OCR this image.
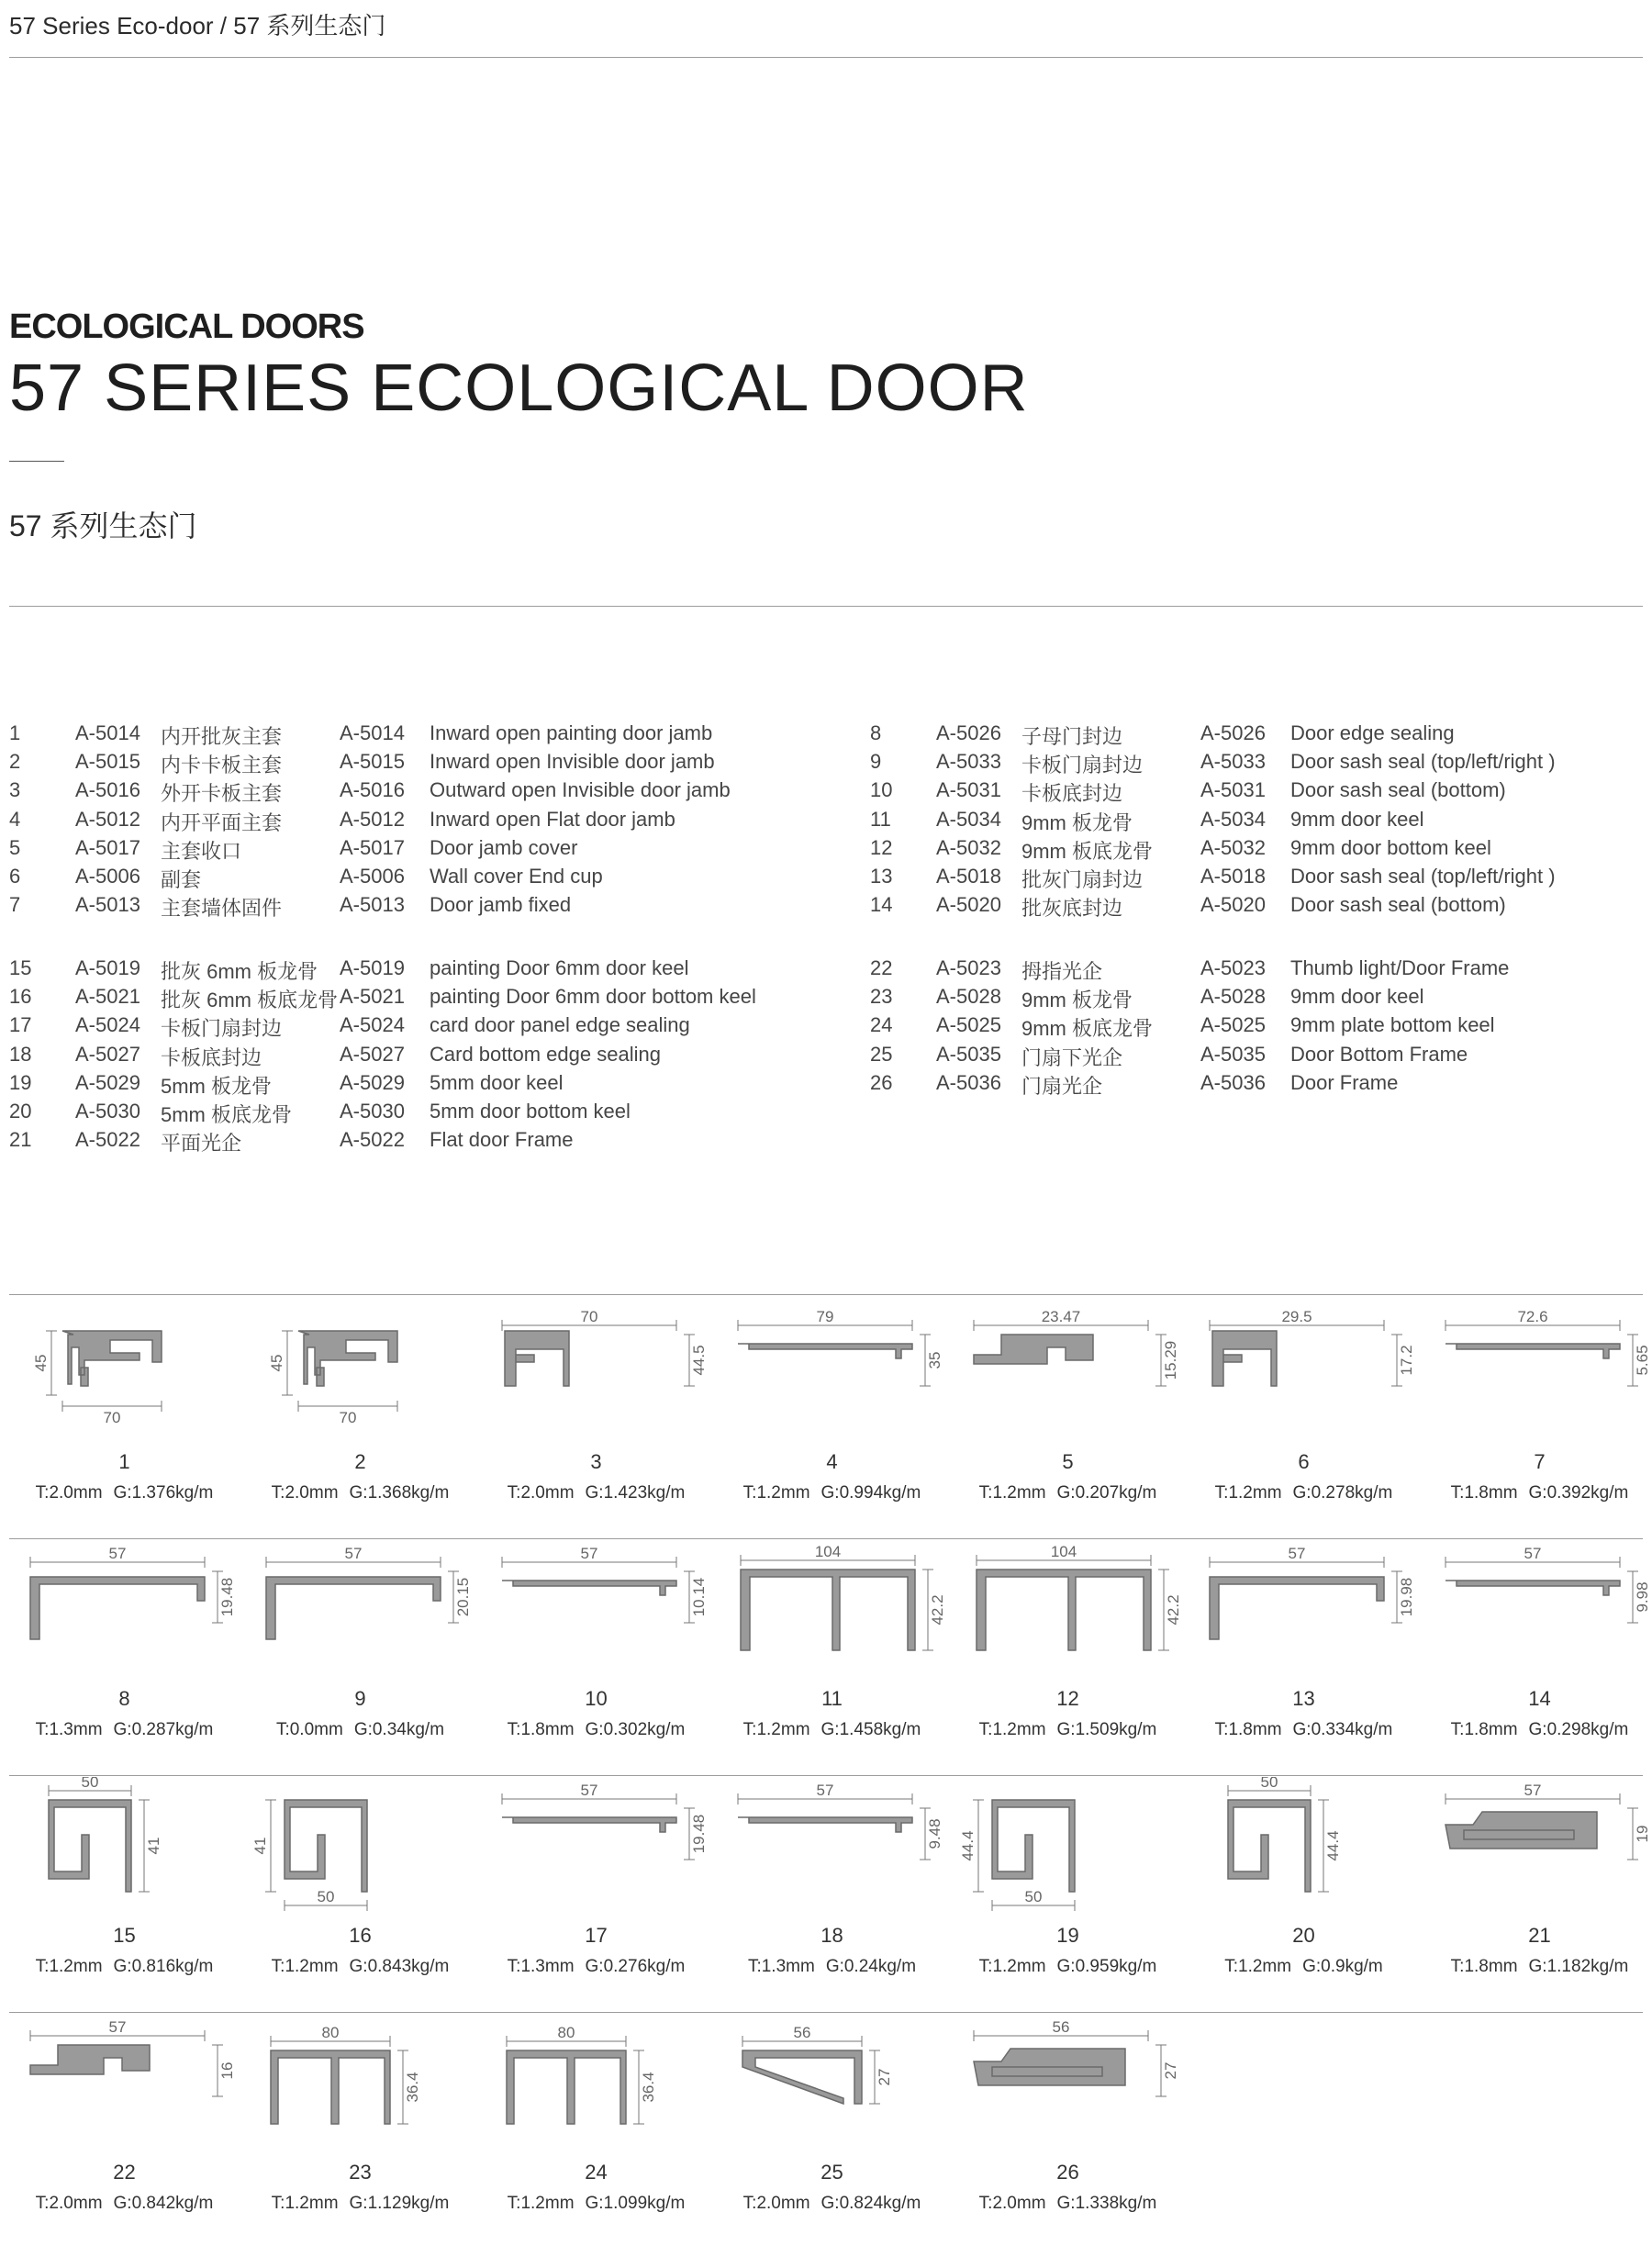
57 Series Eco-door / 57 系列生态门
ECOLOGICAL DOORS
57 SERIES ECOLOGICAL DOOR
57 系列生态门
1	A-5014 内开批灰主套	A-5014 Inward open painting door jamb
2	A-5015 内卡卡板主套	A-5015 Inward open Invisible door jamb
3	A-5016 外开卡板主套	A-5016 Outward open Invisible door jamb
4	A-5012 内开平面主套	A-5012 Inward open Flat door jamb
5	A-5017 主套收口	A-5017 Door jamb cover
6	A-5006 副套	A-5006 Wall cover End cup
7	A-5013 主套墙体固件	A-5013 Door jamb fixed
8	A-5026 子母门封边	A-5026 Door edge sealing
9	A-5033 卡板门扇封边	A-5033 Door sash seal (top/left/right )
10 A-5031 卡板底封边	A-5031 Door sash seal (bottom)
11 A-5034 9mm 板龙骨	A-5034 9mm door keel
12 A-5032 9mm 板底龙骨 A-5032 9mm door bottom keel
13 A-5018 批灰门扇封边	A-5018 Door sash seal (top/left/right )
14 A-5020 批灰底封边	A-5020 Door sash seal (bottom)
15 A-5019 批灰 6mm 板龙骨 A-5019 painting Door 6mm door keel
16 A-5021 批灰 6mm 板底龙骨 A-5021 painting Door 6mm door bottom keel
17 A-5024 卡板门扇封边	A-5024 card door panel edge sealing
18 A-5027 卡板底封边	A-5027 Card bottom edge sealing
19 A-5029 5mm 板龙骨	A-5029 5mm door keel
20 A-5030 5mm 板底龙骨 A-5030 5mm door bottom keel
21 A-5022 平面光企	A-5022 Flat door Frame
22 A-5023 拇指光企	A-5023 Thumb light/Door Frame
23 A-5028 9mm 板龙骨	A-5028 9mm door keel
24 A-5025 9mm 板底龙骨 A-5025 9mm plate bottom keel
25 A-5035 门扇下光企	A-5035 Door Bottom Frame
26 A-5036 门扇光企	A-5036 Door Frame
45
70
1
T:2.0mm G:1.376kg/m
45
70
2
T:2.0mm G:1.368kg/m
70
44.5
3
T:2.0mm G:1.423kg/m
79
35
4
T:1.2mm G:0.994kg/m
23.47
15.29
5
T:1.2mm G:0.207kg/m
29.5
17.2
6
T:1.2mm G:0.278kg/m
72.6
5.65
7
T:1.8mm G:0.392kg/m
57
19.48
8
T:1.3mm G:0.287kg/m
57
20.15
9
T:0.0mm G:0.34kg/m
57
10.14
10
T:1.8mm G:0.302kg/m
104
42.2
11
T:1.2mm G:1.458kg/m
104
42.2
12
T:1.2mm G:1.509kg/m
57
19.98
13
T:1.8mm G:0.334kg/m
57
9.98
14
T:1.8mm G:0.298kg/m
50
41
15
T:1.2mm G:0.816kg/m
41
50
16
T:1.2mm G:0.843kg/m
57
19.48
17
T:1.3mm G:0.276kg/m
57
9.48
18
T:1.3mm G:0.24kg/m
44.4
50
19
T:1.2mm G:0.959kg/m
50
44.4
20
T:1.2mm G:0.9kg/m
57
19
21
T:1.8mm G:1.182kg/m
57
16
22
T:2.0mm G:0.842kg/m
80
36.4
23
T:1.2mm G:1.129kg/m
80
36.4
24
T:1.2mm G:1.099kg/m
56
27
25
T:2.0mm G:0.824kg/m
56
27
26
T:2.0mm G:1.338kg/m
